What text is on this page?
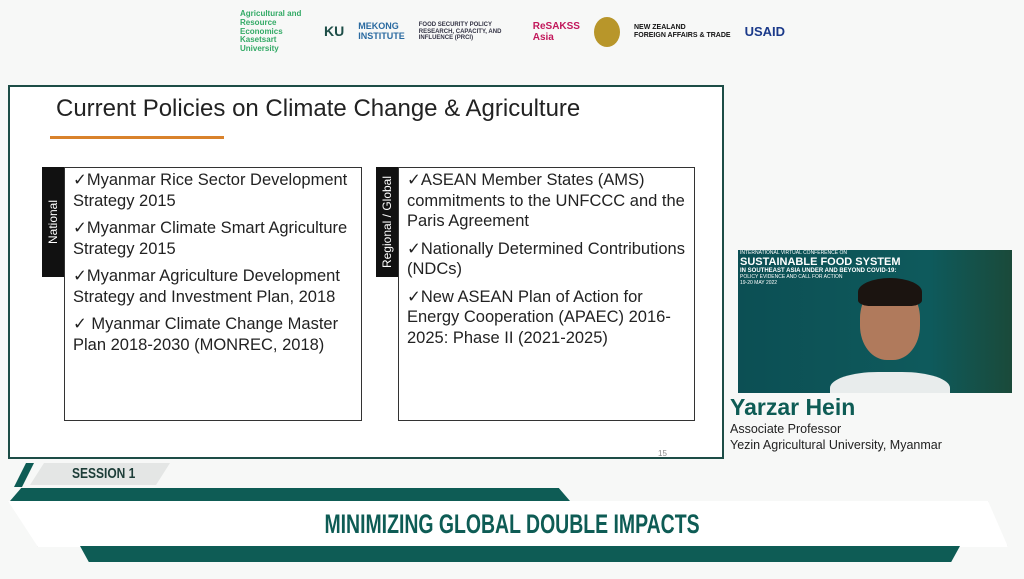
Agricultural and Resource Economics Kasetsart University
KU MEKONG
INSTITUTE
FOOD SECURITY POLICY RESEARCH, CAPACITY, AND INFLUENCE (PRCI)
ReSAKSS
Asia
NEW ZEALAND
FOREIGN AFFAIRS & TRADE USAID
Current Policies on Climate Change & Agriculture
National
✓Myanmar Rice Sector Development Strategy 2015
✓Myanmar Climate Smart Agriculture Strategy 2015
✓Myanmar Agriculture Development Strategy and Investment Plan, 2018
✓ Myanmar Climate Change Master Plan 2018-2030 (MONREC, 2018)
Regional / Global ✓ASEAN Member States (AMS) commitments to the UNFCCC and the Paris Agreement
✓Nationally Determined Contributions (NDCs)
✓New ASEAN Plan of Action for Energy Cooperation (APAEC) 2016-2025: Phase II (2021-2025)
15
INTERNATIONAL VIRTUAL CONFERENCE ON
SUSTAINABLE FOOD SYSTEM
IN SOUTHEAST ASIA UNDER AND BEYOND COVID-19:
POLICY EVIDENCE AND CALL FOR ACTION
19-20 MAY 2022
Yarzar Hein
Associate Professor
Yezin Agricultural University, Myanmar
SESSION 1
MINIMIZING GLOBAL DOUBLE IMPACTS
